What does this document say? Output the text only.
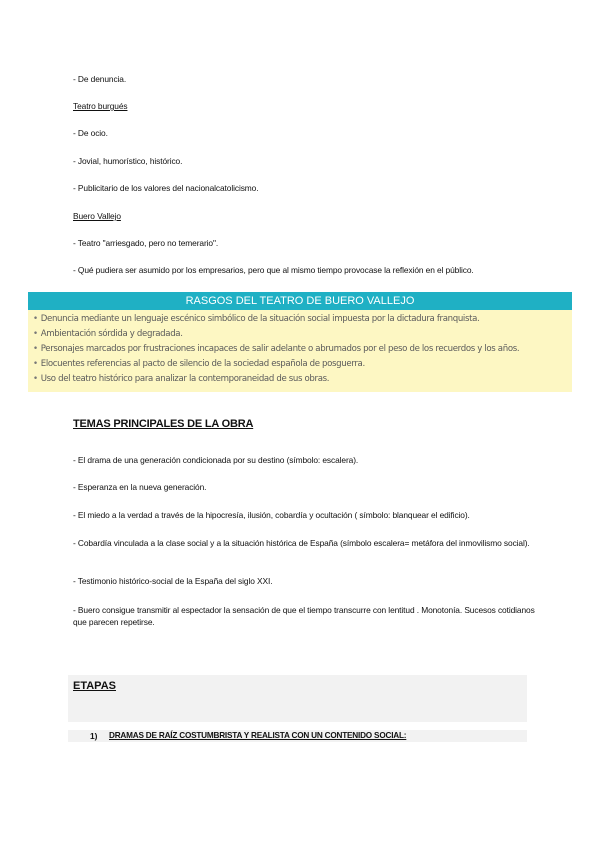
- De denuncia.
Teatro burgués
- De ocio.
- Jovial, humorístico, histórico.
- Publicitario de los valores del nacionalcatolicismo.
Buero Vallejo
- Teatro "arriesgado, pero no temerario".
- Qué pudiera ser asumido por los empresarios, pero que al mismo tiempo provocase la reflexión en el público.
RASGOS DEL TEATRO DE BUERO VALLEJO
• Denuncia mediante un lenguaje escénico simbólico de la situación social impuesta por la dictadura franquista.
• Ambientación sórdida y degradada.
• Personajes marcados por frustraciones incapaces de salir adelante o abrumados por el peso de los recuerdos y los años.
• Elocuentes referencias al pacto de silencio de la sociedad española de posguerra.
• Uso del teatro histórico para analizar la contemporaneidad de sus obras.
TEMAS PRINCIPALES DE LA OBRA
- El drama de una generación condicionada por su destino (símbolo: escalera).
- Esperanza en la nueva generación.
- El miedo a la verdad a través de la hipocresía, ilusión, cobardía y ocultación ( símbolo: blanquear el edificio).
- Cobardía vinculada a la clase social y a la situación histórica de España (símbolo escalera= metáfora del inmovilismo social).
- Testimonio histórico-social de la España del siglo XXI.
- Buero consigue transmitir al espectador la sensación de que el tiempo transcurre con lentitud . Monotonía. Sucesos cotidianos que parecen repetirse.
ETAPAS
1) DRAMAS DE RAÍZ COSTUMBRISTA Y REALISTA CON UN CONTENIDO SOCIAL:
